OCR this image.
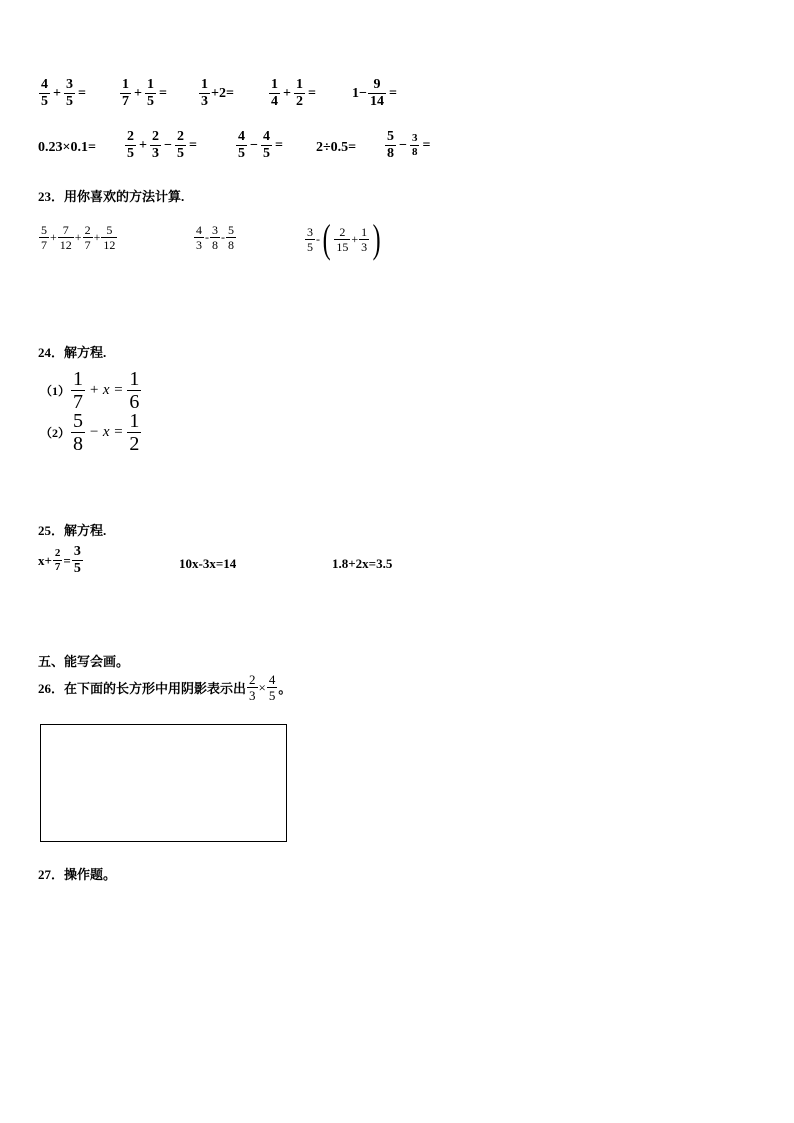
$\frac{4}{5} + \frac{3}{5} = \frac{1}{7} + \frac{1}{5} = \frac{1}{3} +2=$	$\frac{1}{4} + \frac{1}{2}$ =	$1- \frac{9}{14}$ =
$0.23\times 0.1= \frac{2}{5} + \frac{2}{3} - \frac{2}{5}$ =	$\frac{4}{5} - \frac{4}{5} = 2\div 0.5= \frac{5}{8} - \frac{3}{8}$ =
23．用你喜欢的方法计算.
$\frac{5}{7} + \frac{7}{12} + \frac{2}{7} + \frac{5}{12}$	$\frac{4}{3} - \frac{3}{8} - \frac{5}{8}$	$\frac{3}{5}$ - ( $\frac{2}{15} + \frac{1}{3}$ )
24．解方程.
$(1) \frac{1}{7} + x = \frac{1}{6}$
$(2) \frac{5}{8} - x = \frac{1}{2}$
25．解方程.
$x+ \frac{2}{7} = \frac{3}{5}$	10x-3x=14	1.8+2x=3.5
五、能写会画。
26．在下面的长方形中用阴影表示出 $\frac{2}{3} \times \frac{4}{5}$ 。
27．操作题。
